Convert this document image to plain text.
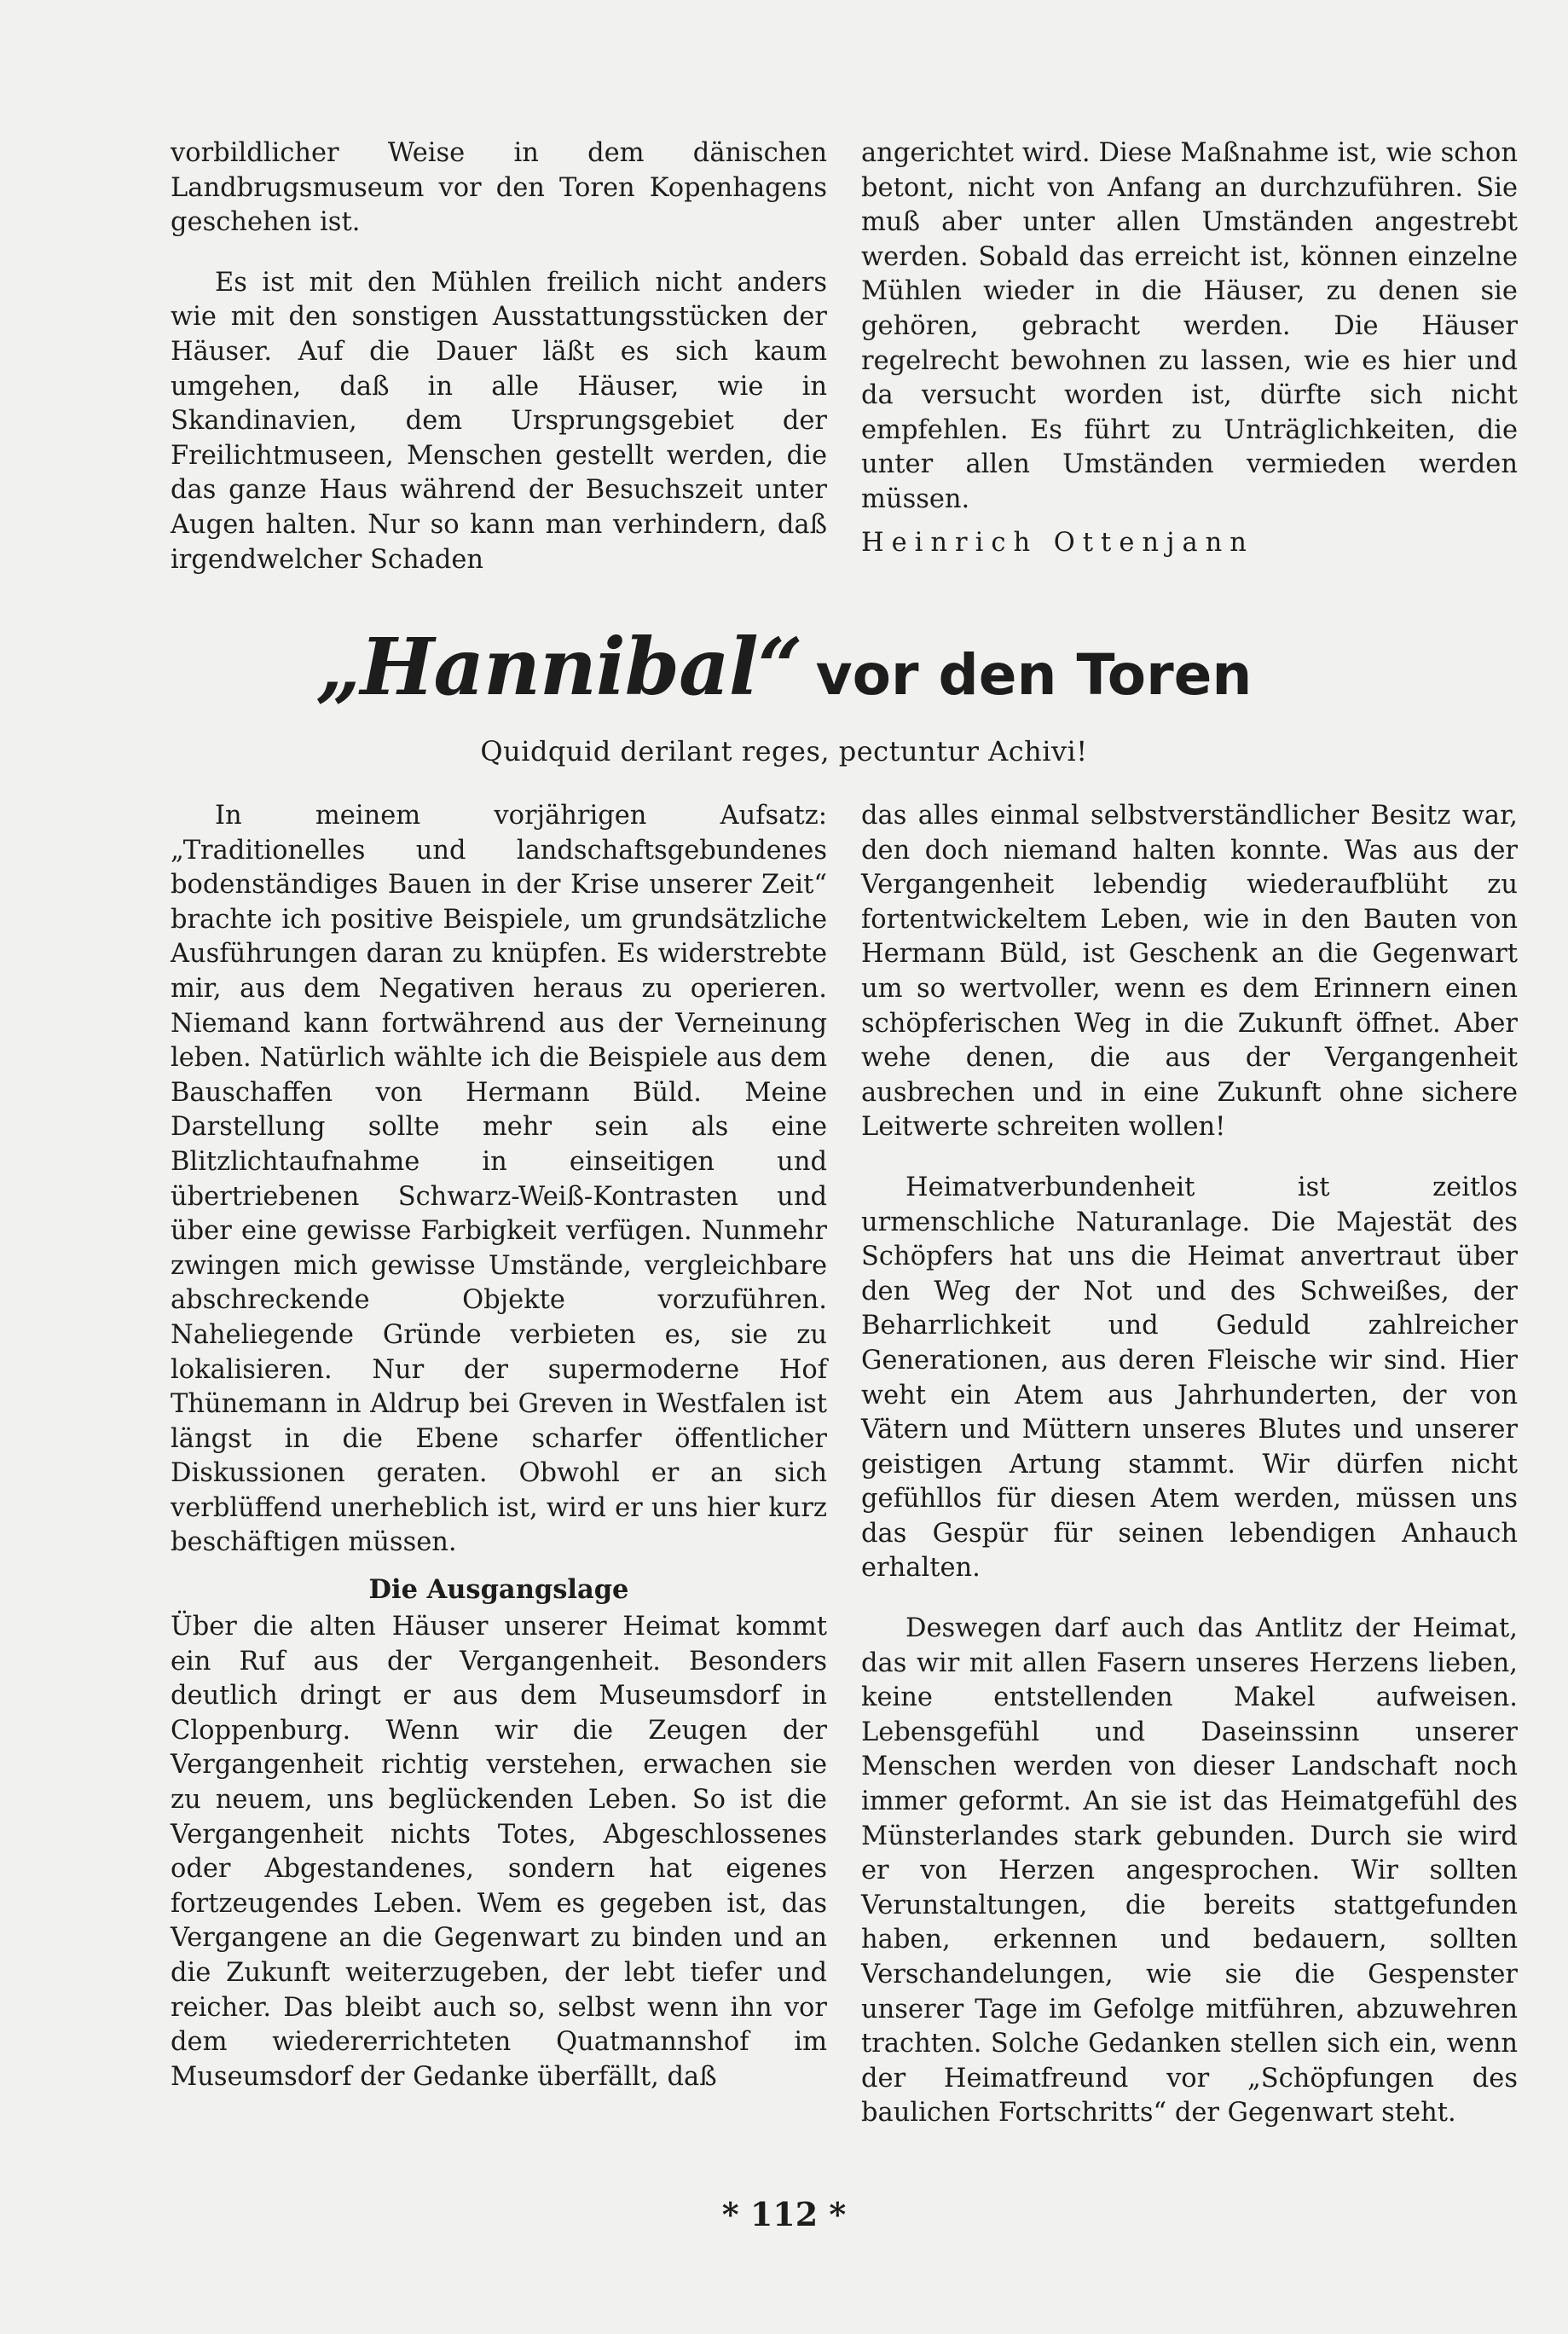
vorbildlicher Weise in dem dänischen Landbrugsmuseum vor den Toren Kopenhagens geschehen ist.

Es ist mit den Mühlen freilich nicht anders wie mit den sonstigen Ausstattungsstücken der Häuser. Auf die Dauer läßt es sich kaum umgehen, daß in alle Häuser, wie in Skandinavien, dem Ursprungsgebiet der Freilichtmuseen, Menschen gestellt werden, die das ganze Haus während der Besuchszeit unter Augen halten. Nur so kann man verhindern, daß irgendwelcher Schaden

angerichtet wird. Diese Maßnahme ist, wie schon betont, nicht von Anfang an durchzuführen. Sie muß aber unter allen Umständen angestrebt werden. Sobald das erreicht ist, können einzelne Mühlen wieder in die Häuser, zu denen sie gehören, gebracht werden. Die Häuser regelrecht bewohnen zu lassen, wie es hier und da versucht worden ist, dürfte sich nicht empfehlen. Es führt zu Unträglichkeiten, die unter allen Umständen vermieden werden müssen.

Heinrich Ottenjann

„Hannibal“ vor den Toren
Quidquid derilant reges, pectuntur Achivi!

In meinem vorjährigen Aufsatz: „Traditionelles und landschaftsgebundenes bodenständiges Bauen in der Krise unserer Zeit“ brachte ich positive Beispiele, um grundsätzliche Ausführungen daran zu knüpfen. Es widerstrebte mir, aus dem Negativen heraus zu operieren. Niemand kann fortwährend aus der Verneinung leben. Natürlich wählte ich die Beispiele aus dem Bauschaffen von Hermann Büld. Meine Darstellung sollte mehr sein als eine Blitzlichtaufnahme in einseitigen und übertriebenen Schwarz-Weiß-Kontrasten und über eine gewisse Farbigkeit verfügen. Nunmehr zwingen mich gewisse Umstände, vergleichbare abschreckende Objekte vorzuführen. Naheliegende Gründe verbieten es, sie zu lokalisieren. Nur der supermoderne Hof Thünemann in Aldrup bei Greven in Westfalen ist längst in die Ebene scharfer öffentlicher Diskussionen geraten. Obwohl er an sich verblüffend unerheblich ist, wird er uns hier kurz beschäftigen müssen.

Die Ausgangslage

Über die alten Häuser unserer Heimat kommt ein Ruf aus der Vergangenheit. Besonders deutlich dringt er aus dem Museumsdorf in Cloppenburg. Wenn wir die Zeugen der Vergangenheit richtig verstehen, erwachen sie zu neuem, uns beglückenden Leben. So ist die Vergangenheit nichts Totes, Abgeschlossenes oder Abgestandenes, sondern hat eigenes fortzeugendes Leben. Wem es gegeben ist, das Vergangene an die Gegenwart zu binden und an die Zukunft weiterzugeben, der lebt tiefer und reicher. Das bleibt auch so, selbst wenn ihn vor dem wiedererrichteten Quatmannshof im Museumsdorf der Gedanke überfällt, daß

das alles einmal selbstverständlicher Besitz war, den doch niemand halten konnte. Was aus der Vergangenheit lebendig wiederaufblüht zu fortentwickeltem Leben, wie in den Bauten von Hermann Büld, ist Geschenk an die Gegenwart um so wertvoller, wenn es dem Erinnern einen schöpferischen Weg in die Zukunft öffnet. Aber wehe denen, die aus der Vergangenheit ausbrechen und in eine Zukunft ohne sichere Leitwerte schreiten wollen!

Heimatverbundenheit ist zeitlos urmenschliche Naturanlage. Die Majestät des Schöpfers hat uns die Heimat anvertraut über den Weg der Not und des Schweißes, der Beharrlichkeit und Geduld zahlreicher Generationen, aus deren Fleische wir sind. Hier weht ein Atem aus Jahrhunderten, der von Vätern und Müttern unseres Blutes und unserer geistigen Artung stammt. Wir dürfen nicht gefühllos für diesen Atem werden, müssen uns das Gespür für seinen lebendigen Anhauch erhalten.

Deswegen darf auch das Antlitz der Heimat, das wir mit allen Fasern unseres Herzens lieben, keine entstellenden Makel aufweisen. Lebensgefühl und Daseinssinn unserer Menschen werden von dieser Landschaft noch immer geformt. An sie ist das Heimatgefühl des Münsterlandes stark gebunden. Durch sie wird er von Herzen angesprochen. Wir sollten Verunstaltungen, die bereits stattgefunden haben, erkennen und bedauern, sollten Verschandelungen, wie sie die Gespenster unserer Tage im Gefolge mitführen, abzuwehren trachten. Solche Gedanken stellen sich ein, wenn der Heimatfreund vor „Schöpfungen des baulichen Fortschritts“ der Gegenwart steht.

* 112 *
